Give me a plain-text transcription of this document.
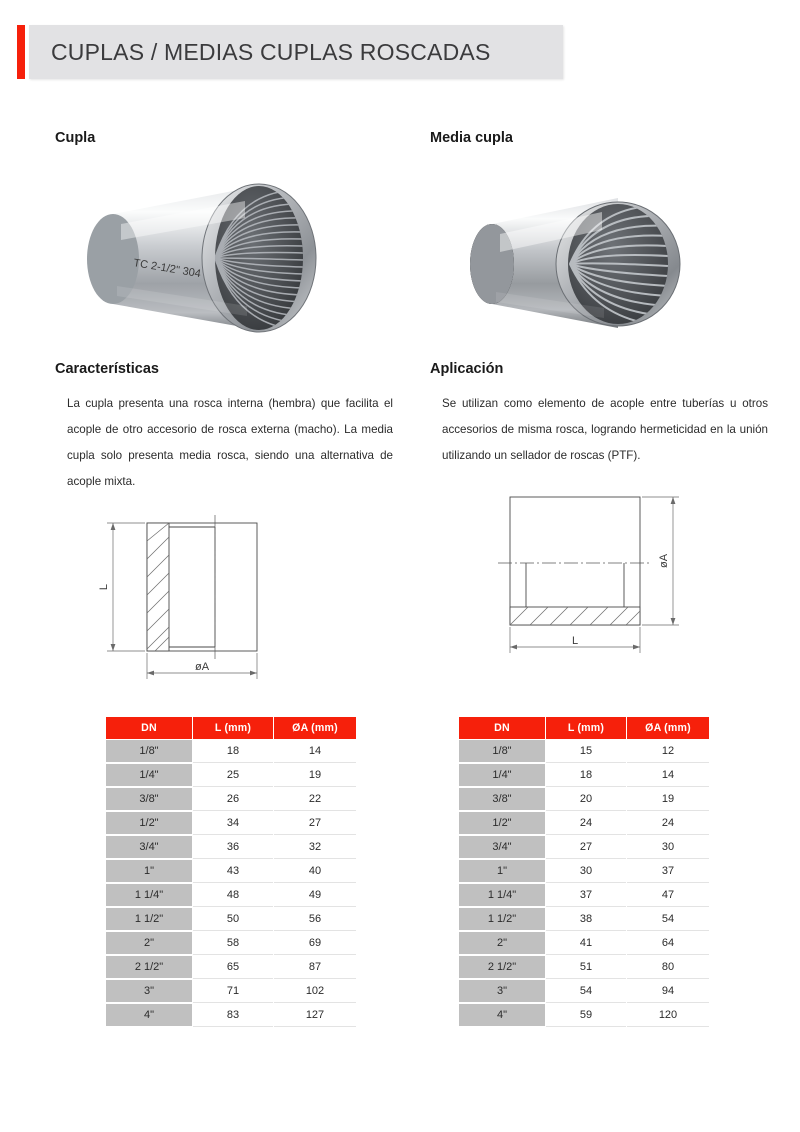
CUPLAS / MEDIAS CUPLAS ROSCADAS
Cupla
TC 2-1/2" 304
Características

La cupla presenta una rosca interna (hembra) que facilita el acople de otro accesorio de rosca externa (macho). La media cupla solo presenta media rosca, siendo una alternativa de acople mixta.

L
øA
Media cupla
Aplicación

Se utilizan como elemento de acople entre tuberías u otros accesorios de misma rosca, logrando hermeticidad en la unión utilizando un sellador de roscas (PTF).

øA
L
DN	L (mm)	ØA (mm)
1/8"	18	14
1/4"	25	19
3/8"	26	22
1/2"	34	27
3/4"	36	32
1"	43	40
1 1/4"	48	49
1 1/2"	50	56
2"	58	69
2 1/2"	65	87
3"	71	102
4"	83	127
DN	L (mm)	ØA (mm)
1/8"	15	12
1/4"	18	14
3/8"	20	19
1/2"	24	24
3/4"	27	30
1"	30	37
1 1/4"	37	47
1 1/2"	38	54
2"	41	64
2 1/2"	51	80
3"	54	94
4"	59	120
